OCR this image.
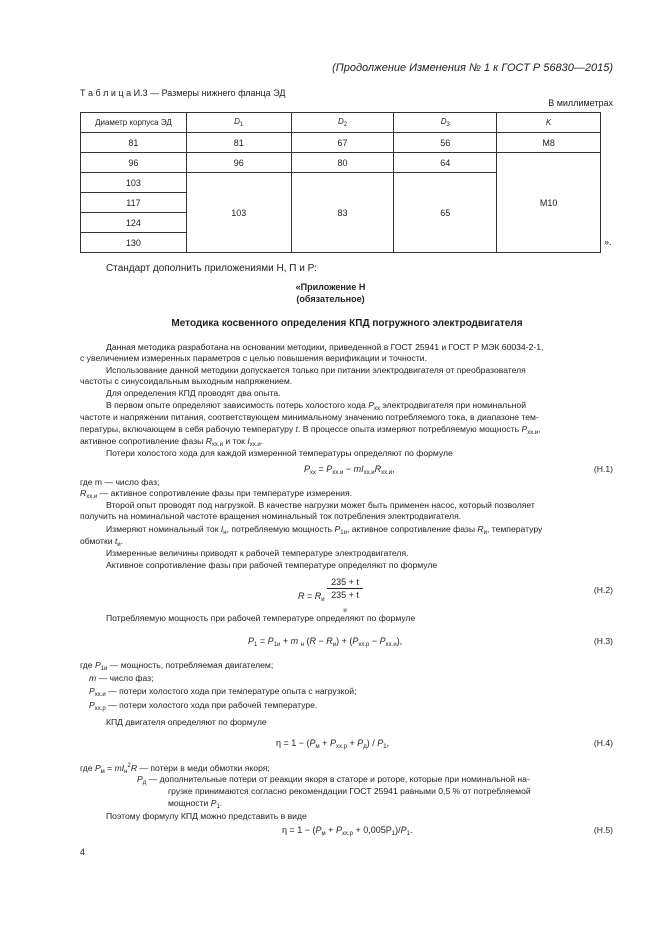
(Продолжение Изменения № 1 к ГОСТ Р 56830—2015)
Т а б л и ц а И.3 — Размеры нижнего фланца ЭД
В миллиметрах
Диаметр корпуса ЭД	$D_1$	$D_2$	$D_3$	K
81	81	67	56	M8
96	96	80	64	M10
103	103	83	65	
117				
124				
130					».
Стандарт дополнить приложениями Н, П и Р:
«Приложение Н
(обязательное)
Методика косвенного определения КПД погружного электродвигателя
Данная методика разработана на основании методики, приведенной в ГОСТ 25941 и ГОСТ Р МЭК 60034-2-1,
с увеличением измеренных параметров с целью повышения верификации и точности.
Использование данной методики допускается только при питании электродвигателя от преобразователя
частоты с синусоидальным выходным напряжением.
Для определения КПД проводят два опыта.
В первом опыте определяют зависимость потерь холостого хода $P_{хх}$ электродвигателя при номинальной
частоте и напряжении питания, соответствующем минимальному значению потребляемого тока, в диапазоне тем-
пературы, включающем в себя рабочую температуру t. В процессе опыта измеряют потребляемую мощность $P_{хх.и}$,
активное сопротивление фазы $R_{хх.и}$ и ток $I_{хх.и}$.
Потери холостого хода для каждой измеренной температуры определяют по формуле
$P_{хх} = P_{хх.и} - mI_{хх.и}R_{хх.и}$,	(Н.1)
где m — число фаз;
$R_{хх.и}$ — активное сопротивление фазы при температуре измерения.
Второй опыт проводят под нагрузкой. В качестве нагрузки может быть применен насос, который позволяет
получить на номинальной частоте вращения номинальный ток потребления электродвигателя.
Измеряют номинальный ток $I_н$, потребляемую мощность $P_{1и}$, активное сопротивление фазы $R_и$, температуру
обмотки $t_и$.
Измеренные величины приводят к рабочей температуре электродвигателя.
Активное сопротивление фазы при рабочей температуре определяют по формуле
$R = R_и$ 235 + t
235 + t
$_и$	(Н.2)
Потребляемую мощность при рабочей температуре определяют по формуле
$P_1 = P_{1и} + m$ $_н$ $(R - R_и) + (P_{хх.р} - P_{хх.и})$,	(Н.3)
где $P_{1и}$ — мощность, потребляемая двигателем;
m — число фаз;
$P_{хх.и}$ — потери холостого хода при температуре опыта с нагрузкой;
$P_{хх.р}$ — потери холостого хода при рабочей температуре.
КПД двигателя определяют по формуле
$\eta = 1 - (P_м + P_{хх.р} + P_д) / P_1$,	(Н.4)
где $P_м = mI_н^2R$ — потери в меди обмотки якоря;
$P_д$ — дополнительные потери от реакции якоря в статоре и роторе, которые при номинальной на-
грузке принимаются согласно рекомендации ГОСТ 25941 равными 0,5 % от потребляемой
мощности $P_1$.
Поэтому формулу КПД можно представить в виде
$\eta = 1 - (P_м + P_{хх.р} + 0,005P_1)/P_1$.	(Н.5)
4
